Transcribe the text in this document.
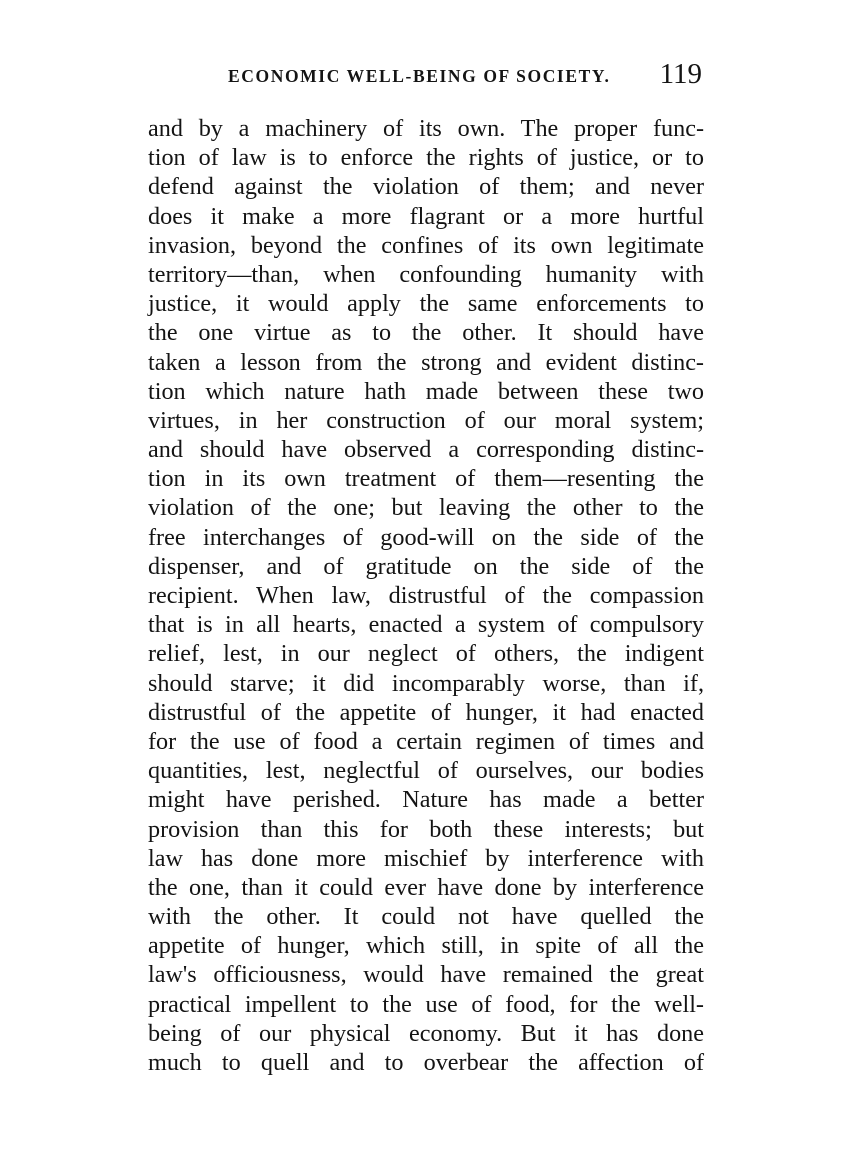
ECONOMIC WELL-BEING OF SOCIETY. 119
and by a machinery of its own. The proper func-
tion of law is to enforce the rights of justice, or to
defend against the violation of them; and never
does it make a more flagrant or a more hurtful
invasion, beyond the confines of its own legitimate
territory—than, when confounding humanity with
justice, it would apply the same enforcements to
the one virtue as to the other. It should have
taken a lesson from the strong and evident distinc-
tion which nature hath made between these two
virtues, in her construction of our moral system;
and should have observed a corresponding distinc-
tion in its own treatment of them—resenting the
violation of the one; but leaving the other to the
free interchanges of good-will on the side of the
dispenser, and of gratitude on the side of the
recipient. When law, distrustful of the compassion
that is in all hearts, enacted a system of compulsory
relief, lest, in our neglect of others, the indigent
should starve; it did incomparably worse, than if,
distrustful of the appetite of hunger, it had enacted
for the use of food a certain regimen of times and
quantities, lest, neglectful of ourselves, our bodies
might have perished. Nature has made a better
provision than this for both these interests; but
law has done more mischief by interference with
the one, than it could ever have done by interference
with the other. It could not have quelled the
appetite of hunger, which still, in spite of all the
law's officiousness, would have remained the great
practical impellent to the use of food, for the well-
being of our physical economy. But it has done
much to quell and to overbear the affection of
